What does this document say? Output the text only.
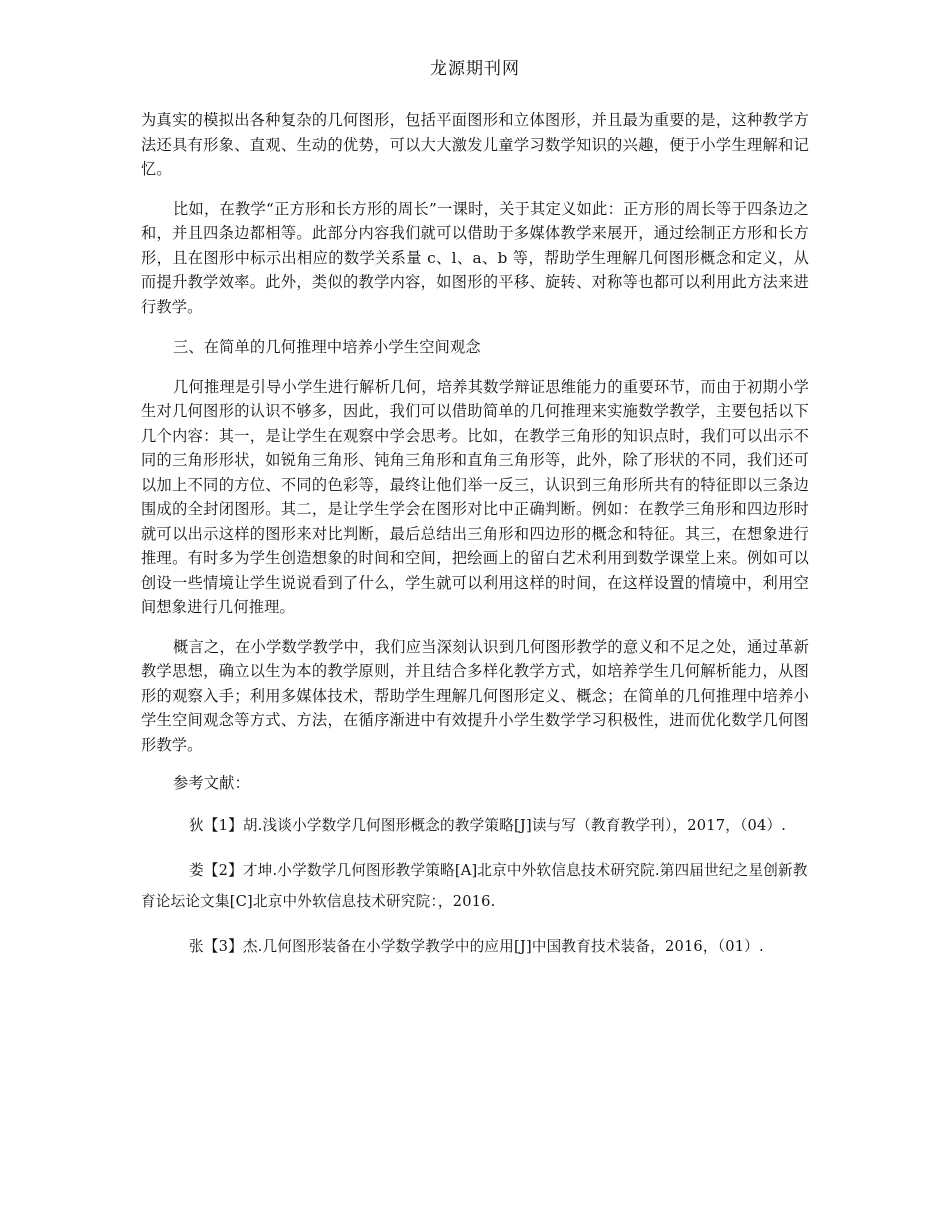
龙源期刊网

为真实的模拟出各种复杂的几何图形，包括平面图形和立体图形，并且最为重要的是，这种教学方法还具有形象、直观、生动的优势，可以大大激发儿童学习数学知识的兴趣，便于小学生理解和记忆。

比如，在教学“正方形和长方形的周长”一课时，关于其定义如此：正方形的周长等于四条边之和，并且四条边都相等。此部分内容我们就可以借助于多媒体教学来展开，通过绘制正方形和长方形，且在图形中标示出相应的数学关系量 c、l、a、b 等，帮助学生理解几何图形概念和定义，从而提升教学效率。此外，类似的教学内容，如图形的平移、旋转、对称等也都可以利用此方法来进行教学。

三、在简单的几何推理中培养小学生空间观念

几何推理是引导小学生进行解析几何，培养其数学辩证思维能力的重要环节，而由于初期小学生对几何图形的认识不够多，因此，我们可以借助简单的几何推理来实施数学教学，主要包括以下几个内容：其一，是让学生在观察中学会思考。比如，在教学三角形的知识点时，我们可以出示不同的三角形形状，如锐角三角形、钝角三角形和直角三角形等，此外，除了形状的不同，我们还可以加上不同的方位、不同的色彩等，最终让他们举一反三，认识到三角形所共有的特征即以三条边围成的全封闭图形。其二，是让学生学会在图形对比中正确判断。例如：在教学三角形和四边形时就可以出示这样的图形来对比判断，最后总结出三角形和四边形的概念和特征。其三，在想象进行推理。有时多为学生创造想象的时间和空间，把绘画上的留白艺术利用到数学课堂上来。例如可以创设一些情境让学生说说看到了什么，学生就可以利用这样的时间，在这样设置的情境中，利用空间想象进行几何推理。

概言之，在小学数学教学中，我们应当深刻认识到几何图形教学的意义和不足之处，通过革新教学思想，确立以生为本的教学原则，并且结合多样化教学方式，如培养学生几何解析能力，从图形的观察入手；利用多媒体技术，帮助学生理解几何图形定义、概念；在简单的几何推理中培养小学生空间观念等方式、方法，在循序渐进中有效提升小学生数学学习积极性，进而优化数学几何图形教学。

参考文献：

狄【1】胡.浅谈小学数学几何图形概念的教学策略[J]读与写（教育教学刊），2017，（04）.

娄【2】才坤.小学数学几何图形教学策略[A]北京中外软信息技术研究院.第四届世纪之星创新教育论坛论文集[C]北京中外软信息技术研究院：，2016.

张【3】杰.几何图形装备在小学数学教学中的应用[J]中国教育技术装备，2016，（01）.
